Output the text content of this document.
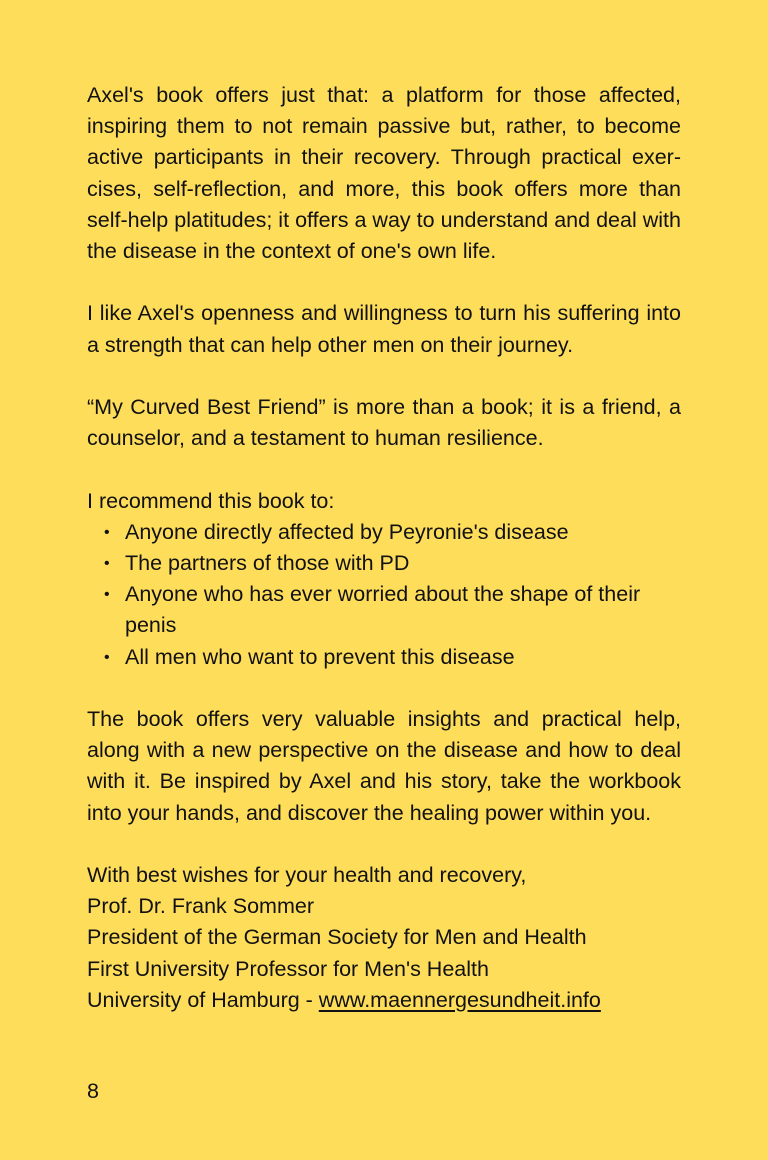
Axel's book offers just that: a platform for those affected, inspiring them to not remain passive but, rather, to become active participants in their recovery. Through practical exercises, self-reflection, and more, this book offers more than self-help platitudes; it offers a way to understand and deal with the disease in the context of one's own life.

I like Axel's openness and willingness to turn his suffering into a strength that can help other men on their journey.

“My Curved Best Friend” is more than a book; it is a friend, a counselor, and a testament to human resilience.

I recommend this book to:

• Anyone directly affected by Peyronie's disease
• The partners of those with PD
• Anyone who has ever worried about the shape of their penis
• All men who want to prevent this disease

The book offers very valuable insights and practical help, along with a new perspective on the disease and how to deal with it. Be inspired by Axel and his story, take the workbook into your hands, and discover the healing power within you.

With best wishes for your health and recovery,
Prof. Dr. Frank Sommer
President of the German Society for Men and Health
First University Professor for Men's Health
University of Hamburg - www.maennergesundheit.info
8
